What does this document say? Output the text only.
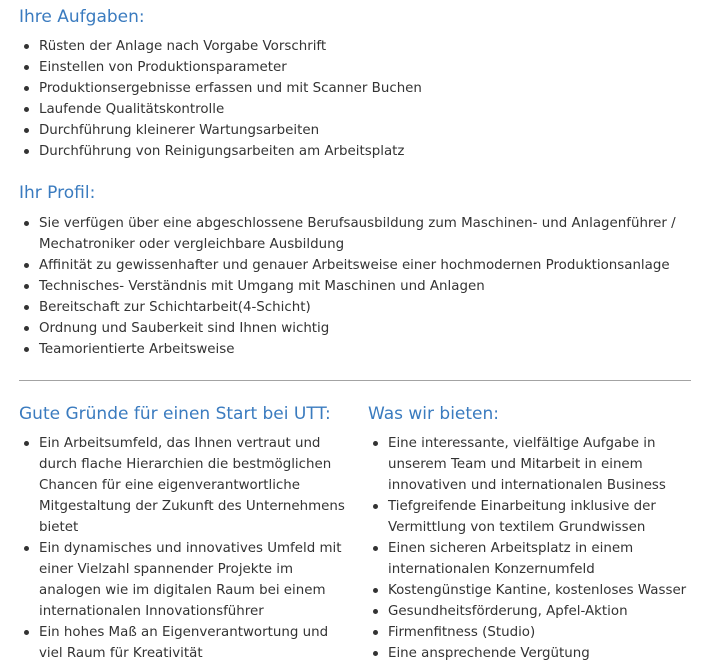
Ihre Aufgaben:
Rüsten der Anlage nach Vorgabe Vorschrift
Einstellen von Produktionsparameter
Produktionsergebnisse erfassen und mit Scanner Buchen
Laufende Qualitätskontrolle
Durchführung kleinerer Wartungsarbeiten
Durchführung von Reinigungsarbeiten am Arbeitsplatz
Ihr Profil:
Sie verfügen über eine abgeschlossene Berufsausbildung zum Maschinen- und Anlagenführer / Mechatroniker oder vergleichbare Ausbildung
Affinität zu gewissenhafter und genauer Arbeitsweise einer hochmodernen Produktionsanlage
Technisches- Verständnis mit Umgang mit Maschinen und Anlagen
Bereitschaft zur Schichtarbeit(4-Schicht)
Ordnung und Sauberkeit sind Ihnen wichtig
Teamorientierte Arbeitsweise
Gute Gründe für einen Start bei UTT:
Ein Arbeitsumfeld, das Ihnen vertraut und durch flache Hierarchien die bestmöglichen Chancen für eine eigenverantwortliche Mitgestaltung der Zukunft des Unternehmens bietet
Ein dynamisches und innovatives Umfeld mit einer Vielzahl spannender Projekte im analogen wie im digitalen Raum bei einem internationalen Innovationsführer
Ein hohes Maß an Eigenverantwortung und viel Raum für Kreativität
Was wir bieten:
Eine interessante, vielfältige Aufgabe in unserem Team und Mitarbeit in einem innovativen und internationalen Business
Tiefgreifende Einarbeitung inklusive der Vermittlung von textilem Grundwissen
Einen sicheren Arbeitsplatz in einem internationalen Konzernumfeld
Kostengünstige Kantine, kostenloses Wasser
Gesundheitsförderung, Apfel-Aktion
Firmenfitness (Studio)
Eine ansprechende Vergütung
